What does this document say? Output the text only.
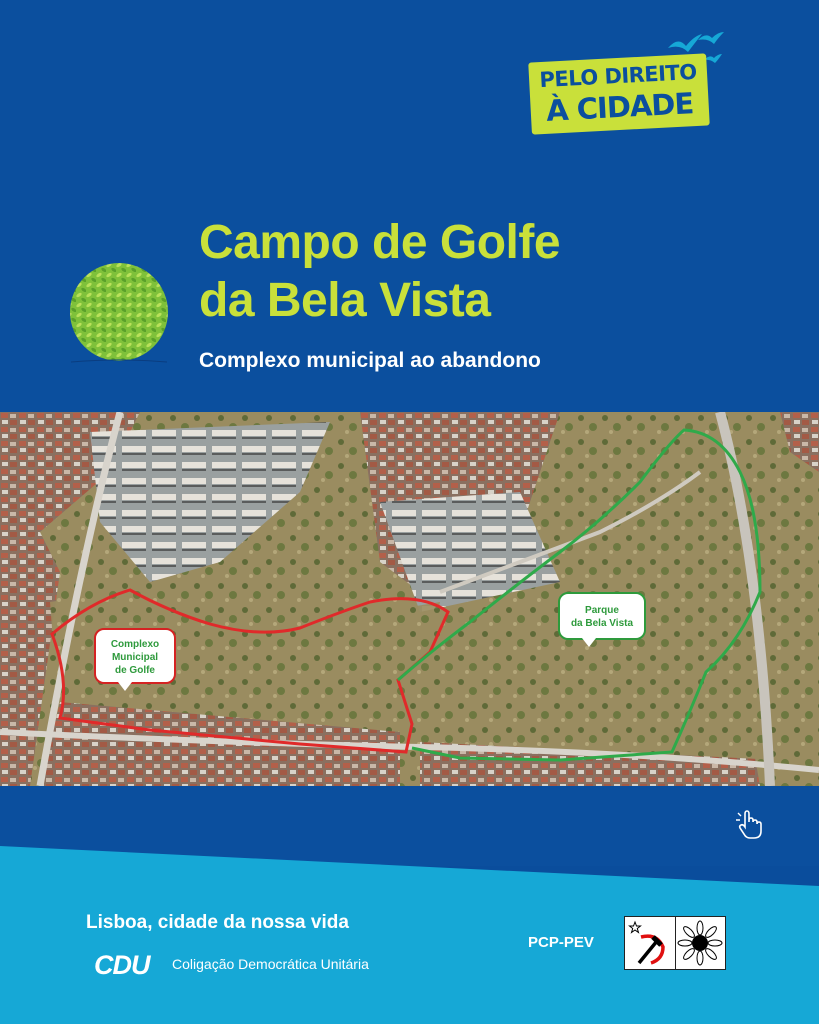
PELO DIREITO
À CIDADE
Campo de Golfe
da Bela Vista
Complexo municipal ao abandono
Complexo
Municipal
de Golfe
Parque
da Bela Vista
Lisboa, cidade da nossa vida
CDU Coligação Democrática Unitária
PCP-PEV
